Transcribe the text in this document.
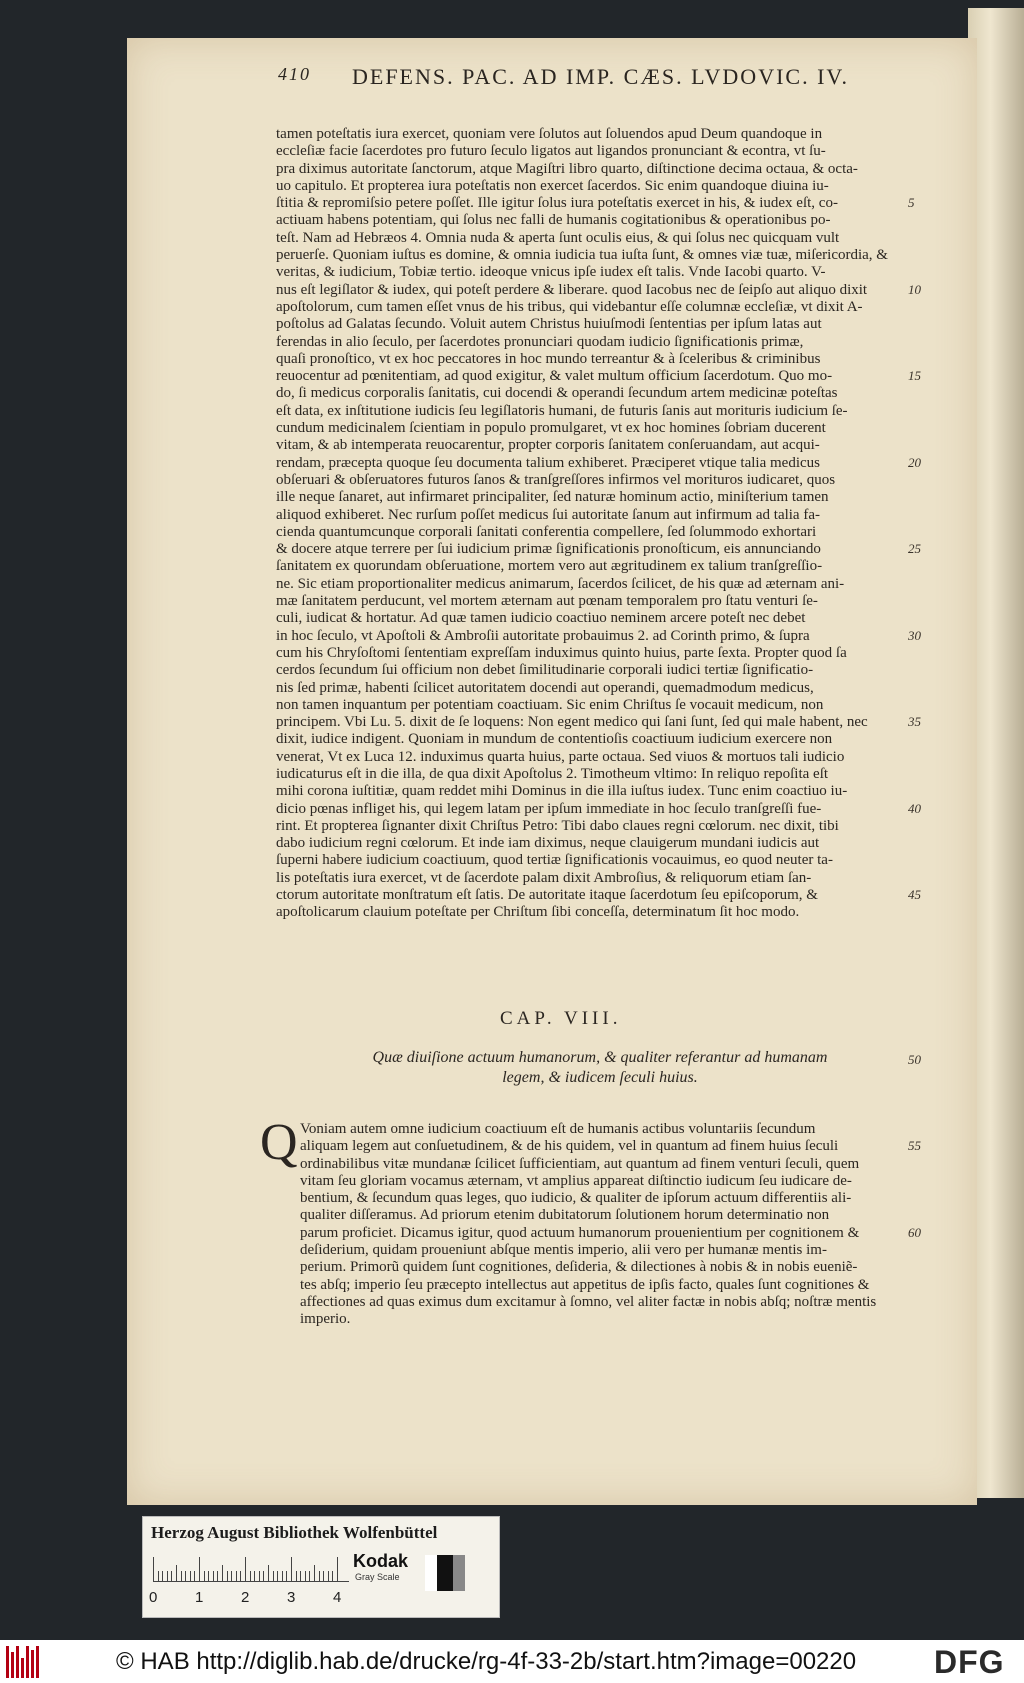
410 DEFENS. PAC. AD IMP. CÆS. LVDOVIC. IV.
tamen poteſtatis iura exercet, quoniam vere ſolutos aut ſoluendos apud Deum quandoque in
eccleſiæ facie ſacerdotes pro futuro ſeculo ligatos aut ligandos pronunciant & econtra, vt ſu-
pra diximus autoritate ſanctorum, atque Magiſtri libro quarto, diſtinctione decima octaua, & octa-
uo capitulo. Et propterea iura poteſtatis non exercet ſacerdos. Sic enim quandoque diuina iu-
ſtitia & repromiſsio petere poſſet. Ille igitur ſolus iura poteſtatis exercet in his, & iudex eſt, co-
actiuam habens potentiam, qui ſolus nec falli de humanis cogitationibus & operationibus po-
teſt. Nam ad Hebræos 4. Omnia nuda & aperta ſunt oculis eius, & qui ſolus nec quicquam vult
peruerſe. Quoniam iuſtus es domine, & omnia iudicia tua iuſta ſunt, & omnes viæ tuæ, miſericordia, &
veritas, & iudicium, Tobiæ tertio. ideoque vnicus ipſe iudex eſt talis. Vnde Iacobi quarto. V-
nus eſt legiſlator & iudex, qui poteſt perdere & liberare. quod Iacobus nec de ſeipſo aut aliquo dixit
apoſtolorum, cum tamen eſſet vnus de his tribus, qui videbantur eſſe columnæ eccleſiæ, vt dixit A-
poſtolus ad Galatas ſecundo. Voluit autem Christus huiuſmodi ſententias per ipſum latas aut
ferendas in alio ſeculo, per ſacerdotes pronunciari quodam iudicio ſignificationis primæ,
quaſi pronoſtico, vt ex hoc peccatores in hoc mundo terreantur & à ſceleribus & criminibus
reuocentur ad pœnitentiam, ad quod exigitur, & valet multum officium ſacerdotum. Quo mo-
do, ſi medicus corporalis ſanitatis, cui docendi & operandi ſecundum artem medicinæ poteſtas
eſt data, ex inſtitutione iudicis ſeu legiſlatoris humani, de futuris ſanis aut morituris iudicium ſe-
cundum medicinalem ſcientiam in populo promulgaret, vt ex hoc homines ſobriam ducerent
vitam, & ab intemperata reuocarentur, propter corporis ſanitatem conſeruandam, aut acqui-
rendam, præcepta quoque ſeu documenta talium exhiberet. Præciperet vtique talia medicus
obſeruari & obſeruatores futuros ſanos & tranſgreſſores infirmos vel morituros iudicaret, quos
ille neque ſanaret, aut infirmaret principaliter, ſed naturæ hominum actio, miniſterium tamen
aliquod exhiberet. Nec rurſum poſſet medicus ſui autoritate ſanum aut infirmum ad talia fa-
cienda quantumcunque corporali ſanitati conferentia compellere, ſed ſolummodo exhortari
& docere atque terrere per ſui iudicium primæ ſignificationis pronoſticum, eis annunciando
ſanitatem ex quorundam obſeruatione, mortem vero aut ægritudinem ex talium tranſgreſſio-
ne. Sic etiam proportionaliter medicus animarum, ſacerdos ſcilicet, de his quæ ad æternam ani-
mæ ſanitatem perducunt, vel mortem æternam aut pœnam temporalem pro ſtatu venturi ſe-
culi, iudicat & hortatur. Ad quæ tamen iudicio coactiuo neminem arcere poteſt nec debet
in hoc ſeculo, vt Apoſtoli & Ambroſii autoritate probauimus 2. ad Corinth primo, & ſupra
cum his Chryſoſtomi ſententiam expreſſam induximus quinto huius, parte ſexta. Propter quod ſa
cerdos ſecundum ſui officium non debet ſimilitudinarie corporali iudici tertiæ ſignificatio-
nis ſed primæ, habenti ſcilicet autoritatem docendi aut operandi, quemadmodum medicus,
non tamen inquantum per potentiam coactiuam. Sic enim Chriſtus ſe vocauit medicum, non
principem. Vbi Lu. 5. dixit de ſe loquens: Non egent medico qui ſani ſunt, ſed qui male habent, nec
dixit, iudice indigent. Quoniam in mundum de contentioſis coactiuum iudicium exercere non
venerat, Vt ex Luca 12. induximus quarta huius, parte octaua. Sed viuos & mortuos tali iudicio
iudicaturus eſt in die illa, de qua dixit Apoſtolus 2. Timotheum vltimo: In reliquo repoſita eſt
mihi corona iuſtitiæ, quam reddet mihi Dominus in die illa iuſtus iudex. Tunc enim coactiuo iu-
dicio pœnas infliget his, qui legem latam per ipſum immediate in hoc ſeculo tranſgreſſi fue-
rint. Et propterea ſignanter dixit Chriſtus Petro: Tibi dabo claues regni cœlorum. nec dixit, tibi
dabo iudicium regni cœlorum. Et inde iam diximus, neque clauigerum mundani iudicis aut
ſuperni habere iudicium coactiuum, quod tertiæ ſignificationis vocauimus, eo quod neuter ta-
lis poteſtatis iura exercet, vt de ſacerdote palam dixit Ambroſius, & reliquorum etiam ſan-
ctorum autoritate monſtratum eſt ſatis. De autoritate itaque ſacerdotum ſeu epiſcoporum, &
apoſtolicarum clauium poteſtate per Chriſtum ſibi conceſſa, determinatum ſit hoc modo.
CAP. VIII.
Quæ diuiſione actuum humanorum, & qualiter referantur ad humanam
legem, & iudicem ſeculi huius.
Q Voniam autem omne iudicium coactiuum eſt de humanis actibus voluntariis ſecundum
aliquam legem aut conſuetudinem, & de his quidem, vel in quantum ad finem huius ſeculi
ordinabilibus vitæ mundanæ ſcilicet ſufficientiam, aut quantum ad finem venturi ſeculi, quem
vitam ſeu gloriam vocamus æternam, vt amplius appareat diſtinctio iudicum ſeu iudicare de-
bentium, & ſecundum quas leges, quo iudicio, & qualiter de ipſorum actuum differentiis ali-
qualiter diſſeramus. Ad priorum etenim dubitatorum ſolutionem horum determinatio non
parum proficiet. Dicamus igitur, quod actuum humanorum prouenientium per cognitionem &
deſiderium, quidam proueniunt abſque mentis imperio, alii vero per humanæ mentis im-
perium. Primorũ quidem ſunt cognitiones, deſideria, & dilectiones à nobis & in nobis eueniẽ-
tes abſq; imperio ſeu præcepto intellectus aut appetitus de ipſis facto, quales ſunt cognitiones &
affectiones ad quas eximus dum excitamur à ſomno, vel aliter factæ in nobis abſq; noſtræ mentis
imperio.
5
10
15
20
25
30
35
40
45
50
55
60
Herzog August Bibliothek Wolfenbüttel
0	1	2	3	4
Kodak
Gray Scale
© HAB http://diglib.hab.de/drucke/rg-4f-33-2b/start.htm?image=00220 DFG
